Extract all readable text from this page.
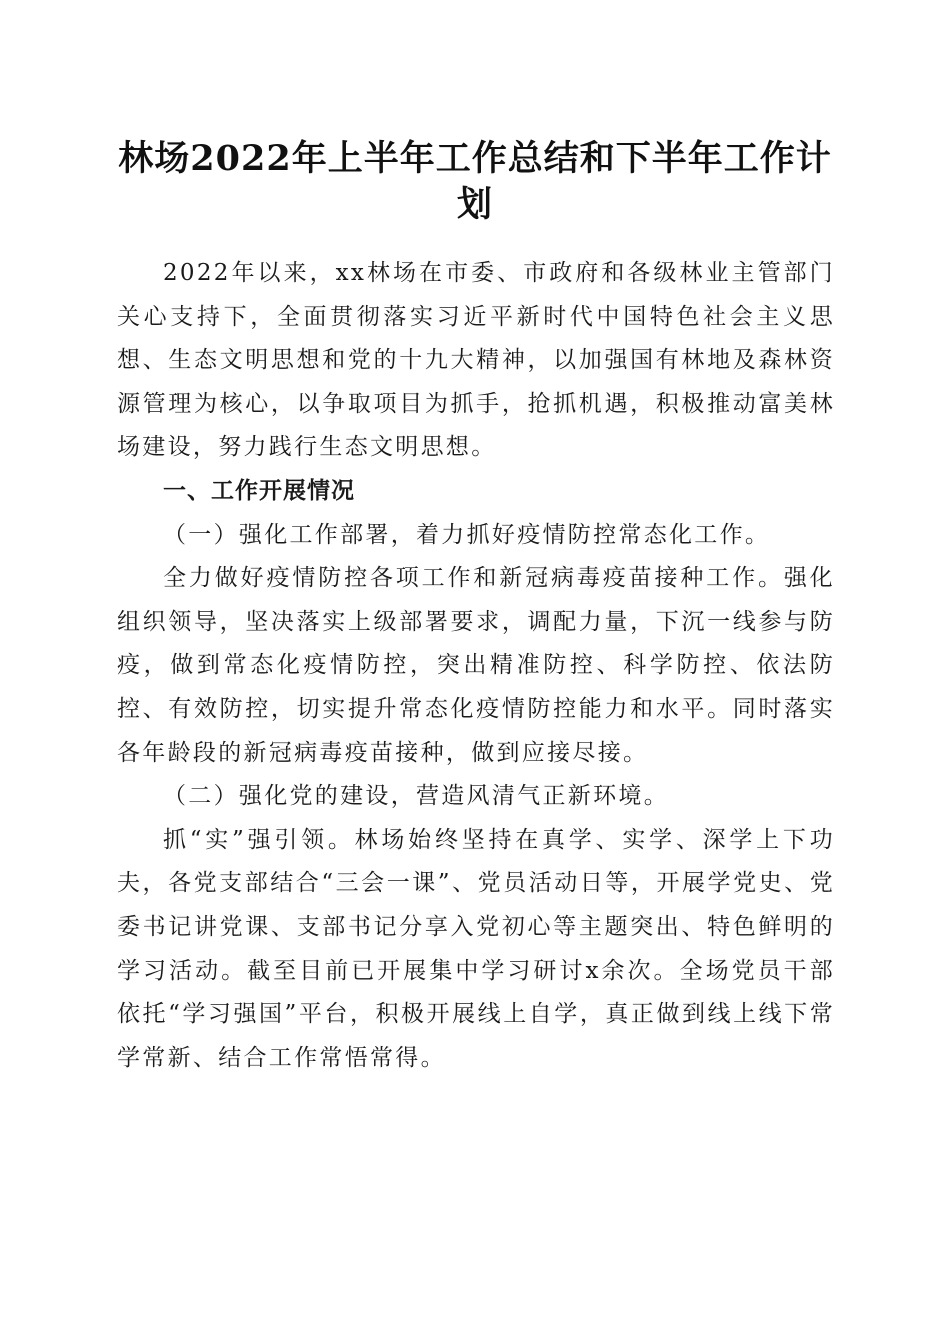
林场2022年上半年工作总结和下半年工作计划

2022年以来，xx林场在市委、市政府和各级林业主管部门关心支持下，全面贯彻落实习近平新时代中国特色社会主义思想、生态文明思想和党的十九大精神，以加强国有林地及森林资源管理为核心，以争取项目为抓手，抢抓机遇，积极推动富美林场建设，努力践行生态文明思想。

一、工作开展情况

（一）强化工作部署，着力抓好疫情防控常态化工作。

全力做好疫情防控各项工作和新冠病毒疫苗接种工作。强化组织领导，坚决落实上级部署要求，调配力量，下沉一线参与防疫，做到常态化疫情防控，突出精准防控、科学防控、依法防控、有效防控，切实提升常态化疫情防控能力和水平。同时落实各年龄段的新冠病毒疫苗接种，做到应接尽接。

（二）强化党的建设，营造风清气正新环境。

抓“实”强引领。林场始终坚持在真学、实学、深学上下功夫，各党支部结合“三会一课”、党员活动日等，开展学党史、党委书记讲党课、支部书记分享入党初心等主题突出、特色鲜明的学习活动。截至目前已开展集中学习研讨x余次。全场党员干部依托“学习强国”平台，积极开展线上自学，真正做到线上线下常学常新、结合工作常悟常得。
